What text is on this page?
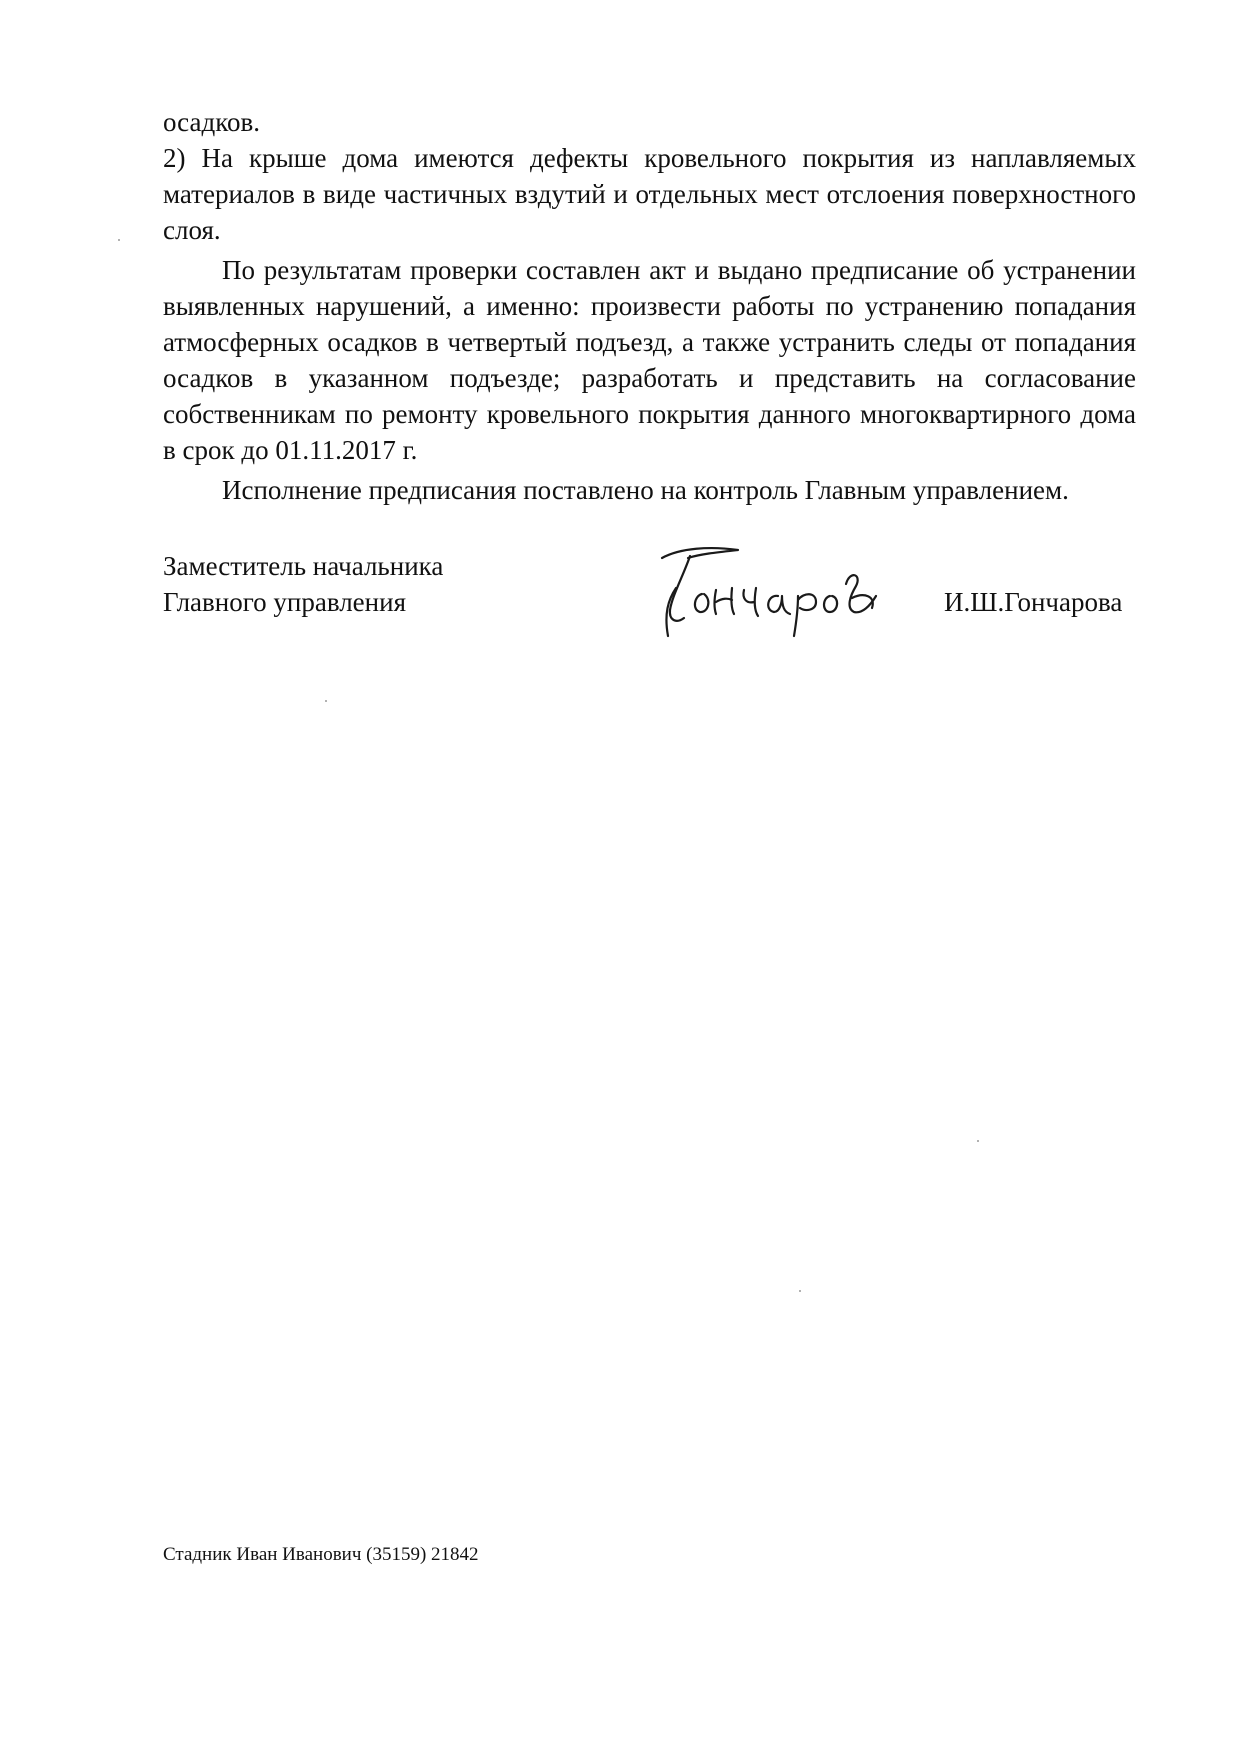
осадков.

2) На крыше дома имеются дефекты кровельного покрытия из наплавляемых материалов в виде частичных вздутий и отдельных мест отслоения поверхностного слоя.

По результатам проверки составлен акт и выдано предписание об устранении выявленных нарушений, а именно: произвести работы по устранению попадания атмосферных осадков в четвертый подъезд, а также устранить следы от попадания осадков в указанном подъезде; разработать и представить на согласование собственникам по ремонту кровельного покрытия данного многоквартирного дома в срок до 01.11.2017 г.

Исполнение предписания поставлено на контроль Главным управлением.

Заместитель начальника
Главного управления	И.Ш.Гончарова
Стадник Иван Иванович (35159) 21842
